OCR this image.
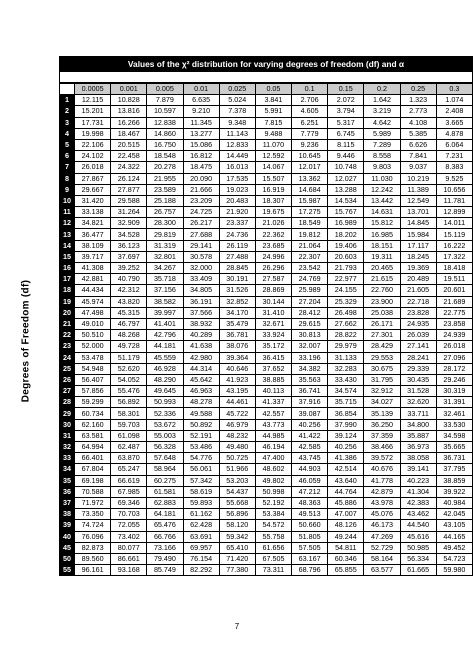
Degrees of Freedom (df)
Values of the χ² distribution for varying degrees of freedom (df) and α
	0.0005	0.001	0.005	0.01	0.025	0.05	0.1	0.15	0.2	0.25	0.3
1	12.115	10.828	7.879	6.635	5.024	3.841	2.706	2.072	1.642	1.323	1.074
2	15.201	13.816	10.597	9.210	7.378	5.991	4.605	3.794	3.219	2.773	2.408
3	17.731	16.266	12.838	11.345	9.348	7.815	6.251	5.317	4.642	4.108	3.665
4	19.998	18.467	14.860	13.277	11.143	9.488	7.779	6.745	5.989	5.385	4.878
5	22.106	20.515	16.750	15.086	12.833	11.070	9.236	8.115	7.289	6.626	6.064
6	24.102	22.458	18.548	16.812	14.449	12.592	10.645	9.446	8.558	7.841	7.231
7	26.018	24.322	20.278	18.475	16.013	14.067	12.017	10.748	9.803	9.037	8.383
8	27.867	26.124	21.955	20.090	17.535	15.507	13.362	12.027	11.030	10.219	9.525
9	29.667	27.877	23.589	21.666	19.023	16.919	14.684	13.288	12.242	11.389	10.656
10	31.420	29.588	25.188	23.209	20.483	18.307	15.987	14.534	13.442	12.549	11.781
11	33.138	31.264	26.757	24.725	21.920	19.675	17.275	15.767	14.631	13.701	12.899
12	34.821	32.909	28.300	26.217	23.337	21.026	18.549	16.989	15.812	14.845	14.011
13	36.477	34.528	29.819	27.688	24.736	22.362	19.812	18.202	16.985	15.984	15.119
14	38.109	36.123	31.319	29.141	26.119	23.685	21.064	19.406	18.151	17.117	16.222
15	39.717	37.697	32.801	30.578	27.488	24.996	22.307	20.603	19.311	18.245	17.322
16	41.308	39.252	34.267	32.000	28.845	26.296	23.542	21.793	20.465	19.369	18.418
17	42.881	40.790	35.718	33.409	30.191	27.587	24.769	22.977	21.615	20.489	19.511
18	44.434	42.312	37.156	34.805	31.526	28.869	25.989	24.155	22.760	21.605	20.601
19	45.974	43.820	38.582	36.191	32.852	30.144	27.204	25.329	23.900	22.718	21.689
20	47.498	45.315	39.997	37.566	34.170	31.410	28.412	26.498	25.038	23.828	22.775
21	49.010	46.797	41.401	38.932	35.479	32.671	29.615	27.662	26.171	24.935	23.858
22	50.510	48.268	42.796	40.289	36.781	33.924	30.813	28.822	27.301	26.039	24.939
23	52.000	49.728	44.181	41.638	38.076	35.172	32.007	29.979	28.429	27.141	26.018
24	53.478	51.179	45.559	42.980	39.364	36.415	33.196	31.133	29.553	28.241	27.096
25	54.948	52.620	46.928	44.314	40.646	37.652	34.382	32.283	30.675	29.339	28.172
26	56.407	54.052	48.290	45.642	41.923	38.885	35.563	33.430	31.795	30.435	29.246
27	57.856	55.476	49.645	46.963	43.195	40.113	36.741	34.574	32.912	31.528	30.319
28	59.299	56.892	50.993	48.278	44.461	41.337	37.916	35.715	34.027	32.620	31.391
29	60.734	58.301	52.336	49.588	45.722	42.557	39.087	36.854	35.139	33.711	32.461
30	62.160	59.703	53.672	50.892	46.979	43.773	40.256	37.990	36.250	34.800	33.530
31	63.581	61.098	55.003	52.191	48.232	44.985	41.422	39.124	37.359	35.887	34.598
32	64.994	62.487	56.328	53.486	49.480	46.194	42.585	40.256	38.466	36.973	35.665
33	66.401	63.870	57.648	54.776	50.725	47.400	43.745	41.386	39.572	38.058	36.731
34	67.804	65.247	58.964	56.061	51.966	48.602	44.903	42.514	40.676	39.141	37.795
35	69.198	66.619	60.275	57.342	53.203	49.802	46.059	43.640	41.778	40.223	38.859
36	70.588	67.985	61.581	58.619	54.437	50.998	47.212	44.764	42.879	41.304	39.922
37	71.972	69.346	62.883	59.893	55.668	52.192	48.363	45.886	43.978	42.383	40.984
38	73.350	70.703	64.181	61.162	56.896	53.384	49.513	47.007	45.076	43.462	42.045
39	74.724	72.055	65.476	62.428	58.120	54.572	50.660	48.126	46.173	44.540	43.105
40	76.096	73.402	66.766	63.691	59.342	55.758	51.805	49.244	47.269	45.616	44.165
45	82.873	80.077	73.166	69.957	65.410	61.656	57.505	54.811	52.729	50.985	49.452
50	89.560	86.661	79.490	76.154	71.420	67.505	63.167	60.346	58.164	56.334	54.723
55	96.161	93.168	85.749	82.292	77.380	73.311	68.796	65.855	63.577	61.665	59.980
7
